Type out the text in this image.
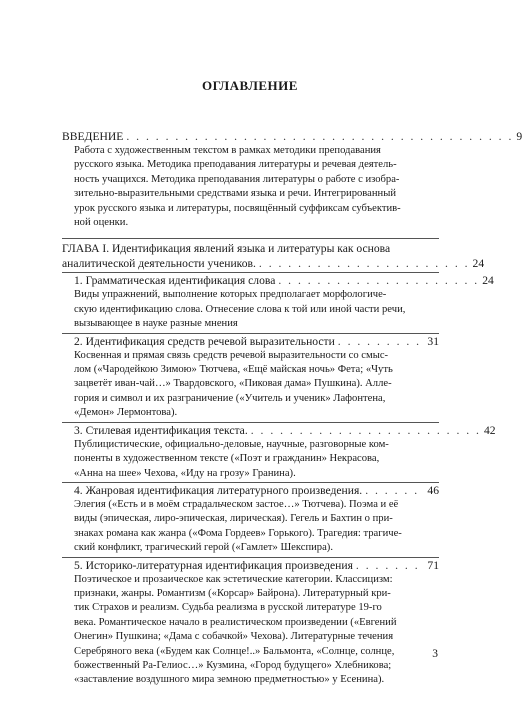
ОГЛАВЛЕНИЕ
ВВЕДЕНИЕ . . . . . . . . . . . . . . . . . . . . . . . . . . . . . . . . . . . . . . . . 9
Работа с художественным текстом в рамках методики преподавания
русского языка. Методика преподавания литературы и речевая деятель-
ность учащихся. Методика преподавания литературы о работе с изобра-
зительно-выразительными средствами языка и речи. Интегрированный
урок русского языка и литературы, посвящённый суффиксам субъектив-
ной оценки.
ГЛАВА I. Идентификация явлений языка и литературы как основа
аналитической деятельности учеников. . . . . . . . . . . . . . . . . . . . . . . 24
1. Грамматическая идентификация слова . . . . . . . . . . . . . . . . . . . . . 24
Виды упражнений, выполнение которых предполагает морфологиче-
скую идентификацию слова. Отнесение слова к той или иной части речи,
вызывающее в науке разные мнения
2. Идентификация средств речевой выразительности . . . . . . . . . 31
Косвенная и прямая связь средств речевой выразительности со смыс-
лом («Чародейкою Зимою» Тютчева, «Ещё майская ночь» Фета; «Чуть
зацветёт иван-чай…» Твардовского, «Пиковая дама» Пушкина). Алле-
гория и символ и их разграничение («Учитель и ученик» Лафонтена,
«Демон» Лермонтова).
3. Стилевая идентификация текста. . . . . . . . . . . . . . . . . . . . . . . . . 42
Публицистические, официально-деловые, научные, разговорные ком-
поненты в художественном тексте («Поэт и гражданин» Некрасова,
«Анна на шее» Чехова, «Иду на грозу» Гранина).
4. Жанровая идентификация литературного произведения. . . . . . . 46
Элегия («Есть и в моём страдальческом застое…» Тютчева). Поэма и её
виды (эпическая, лиро-эпическая, лирическая). Гегель и Бахтин о при-
знаках романа как жанра («Фома Гордеев» Горького). Трагедия: трагиче-
ский конфликт, трагический герой («Гамлет» Шекспира).
5. Историко-литературная идентификация произведения . . . . . . . 71
Поэтическое и прозаическое как эстетические категории. Классицизм:
признаки, жанры. Романтизм («Корсар» Байрона). Литературный кри-
тик Страхов и реализм. Судьба реализма в русской литературе 19-го
века. Романтическое начало в реалистическом произведении («Евгений
Онегин» Пушкина; «Дама с собачкой» Чехова). Литературные течения
Серебряного века («Будем как Солнце!..» Бальмонта, «Солнце, солнце,
божественный Ра-Гелиос…» Кузмина, «Город будущего» Хлебникова;
«заставление воздушного мира земною предметностью» у Есенина).
3
